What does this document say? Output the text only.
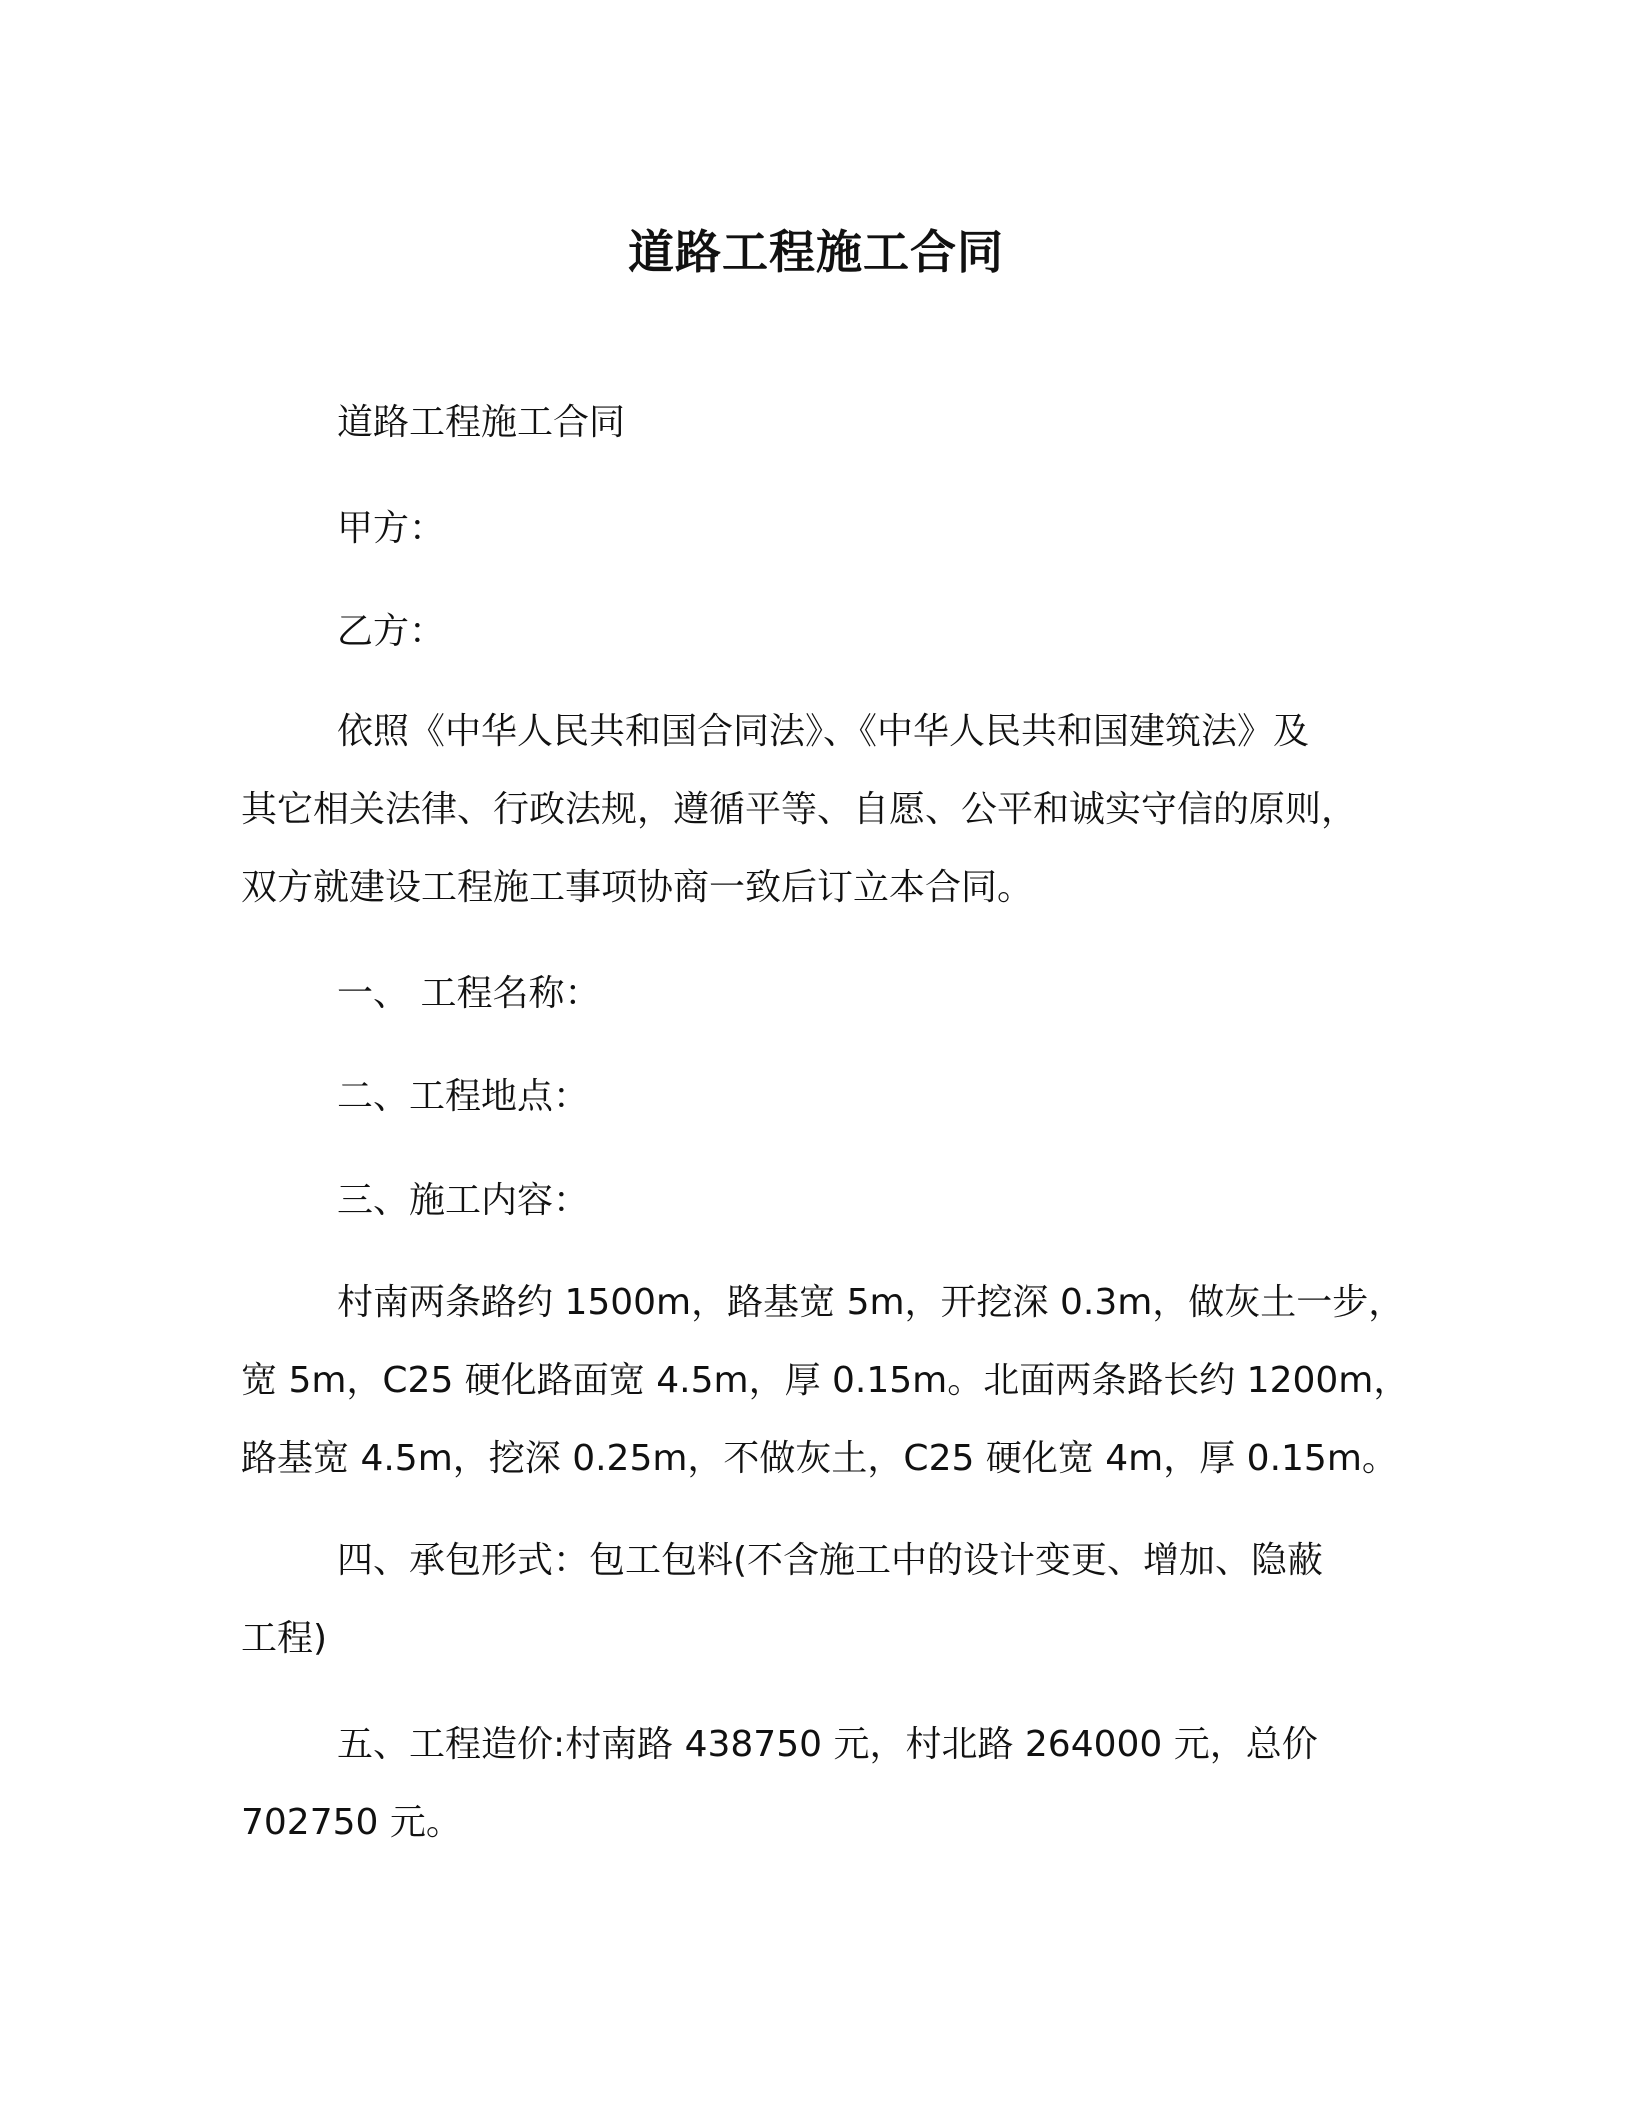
道路工程施工合同
道路工程施工合同
甲方：
乙方：
依照《中华人民共和国合同法》、《中华人民共和国建筑法》及
其它相关法律、行政法规，遵循平等、自愿、公平和诚实守信的原则，
双方就建设工程施工事项协商一致后订立本合同。
一、 工程名称：
二、工程地点：
三、施工内容：
村南两条路约 1500m，路基宽 5m，开挖深 0.3m，做灰土一步，
宽 5m，C25 硬化路面宽 4.5m，厚 0.15m。北面两条路长约 1200m，
路基宽 4.5m，挖深 0.25m，不做灰土，C25 硬化宽 4m，厚 0.15m。
四、承包形式：包工包料(不含施工中的设计变更、增加、隐蔽
工程)
五、工程造价:村南路 438750 元，村北路 264000 元，总价
702750 元。
